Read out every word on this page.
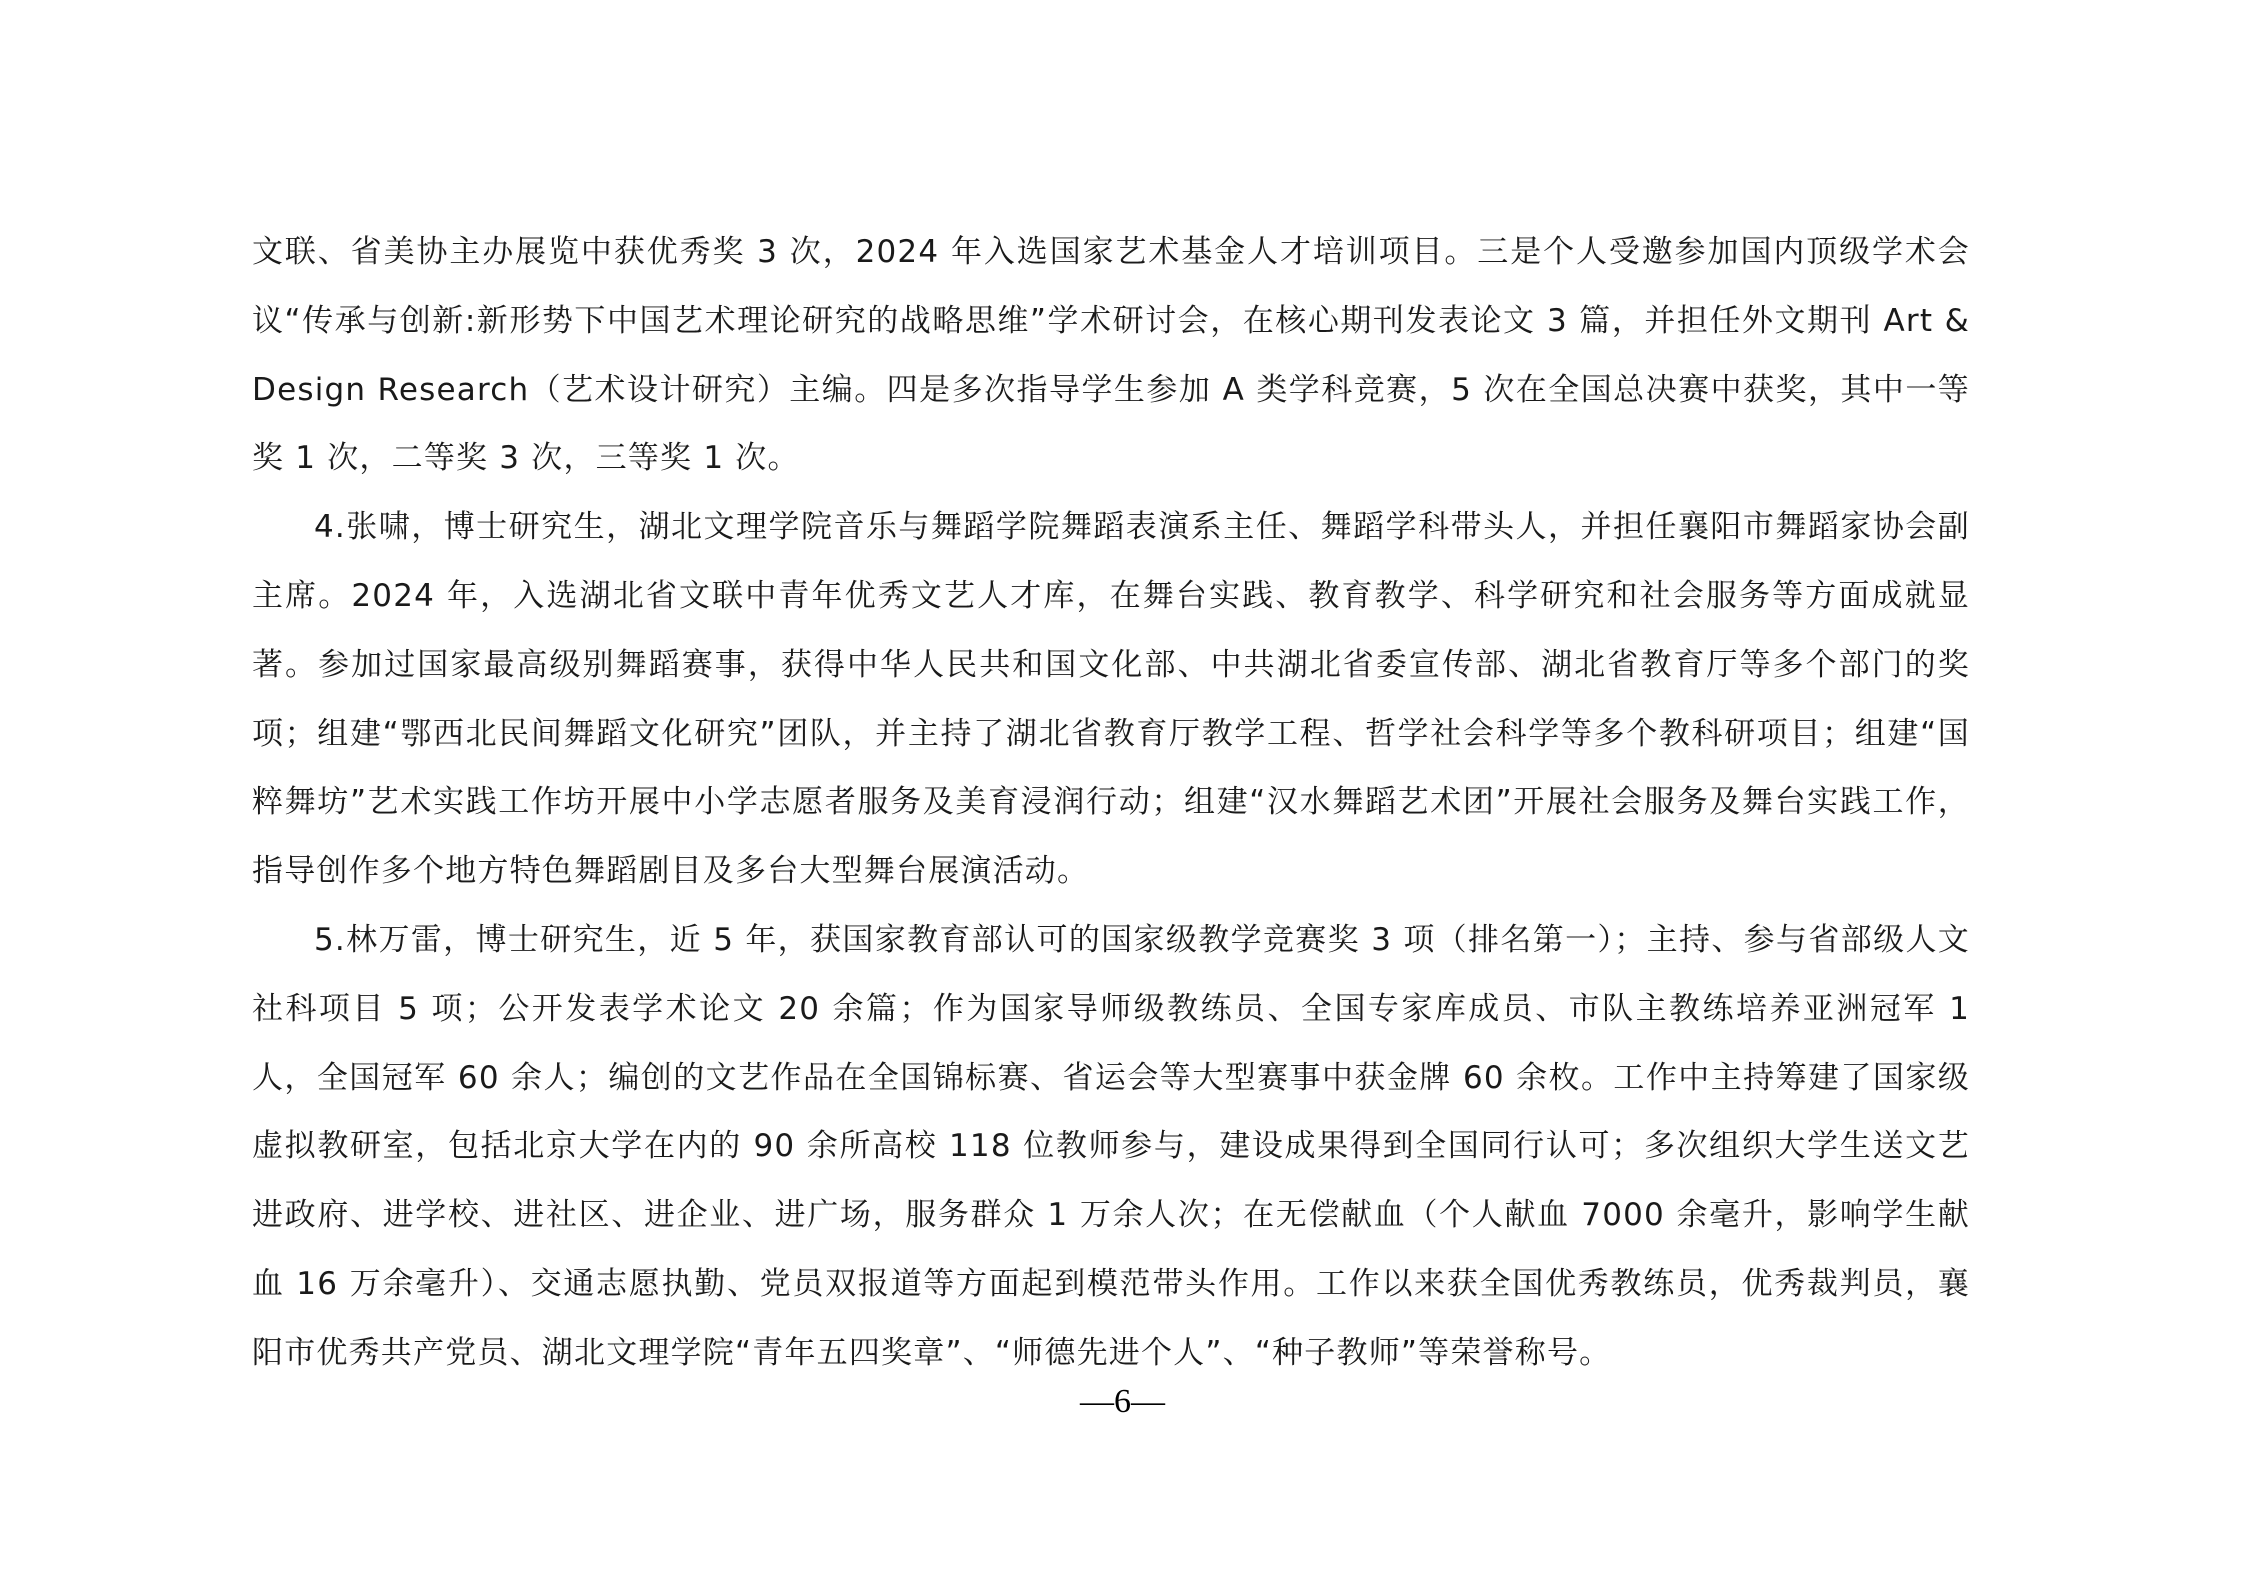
文联、省美协主办展览中获优秀奖 3 次，2024 年入选国家艺术基金人才培训项目。三是个人受邀参加国内顶级学术会议“传承与创新:新形势下中国艺术理论研究的战略思维”学术研讨会，在核心期刊发表论文 3 篇，并担任外文期刊 Art & Design Research（艺术设计研究）主编。四是多次指导学生参加 A 类学科竞赛，5 次在全国总决赛中获奖，其中一等奖 1 次，二等奖 3 次，三等奖 1 次。

4.张啸，博士研究生，湖北文理学院音乐与舞蹈学院舞蹈表演系主任、舞蹈学科带头人，并担任襄阳市舞蹈家协会副主席。2024 年，入选湖北省文联中青年优秀文艺人才库，在舞台实践、教育教学、科学研究和社会服务等方面成就显著。参加过国家最高级别舞蹈赛事，获得中华人民共和国文化部、中共湖北省委宣传部、湖北省教育厅等多个部门的奖项；组建“鄂西北民间舞蹈文化研究”团队，并主持了湖北省教育厅教学工程、哲学社会科学等多个教科研项目；组建“国粹舞坊”艺术实践工作坊开展中小学志愿者服务及美育浸润行动；组建“汉水舞蹈艺术团”开展社会服务及舞台实践工作，指导创作多个地方特色舞蹈剧目及多台大型舞台展演活动。

5.林万雷，博士研究生，近 5 年，获国家教育部认可的国家级教学竞赛奖 3 项（排名第一）；主持、参与省部级人文社科项目 5 项；公开发表学术论文 20 余篇；作为国家导师级教练员、全国专家库成员、市队主教练培养亚洲冠军 1 人，全国冠军 60 余人；编创的文艺作品在全国锦标赛、省运会等大型赛事中获金牌 60 余枚。工作中主持筹建了国家级虚拟教研室，包括北京大学在内的 90 余所高校 118 位教师参与，建设成果得到全国同行认可；多次组织大学生送文艺进政府、进学校、进社区、进企业、进广场，服务群众 1 万余人次；在无偿献血（个人献血 7000 余毫升，影响学生献血 16 万余毫升）、交通志愿执勤、党员双报道等方面起到模范带头作用。工作以来获全国优秀教练员，优秀裁判员，襄阳市优秀共产党员、湖北文理学院“青年五四奖章”、“师德先进个人”、“种子教师”等荣誉称号。

—6—
